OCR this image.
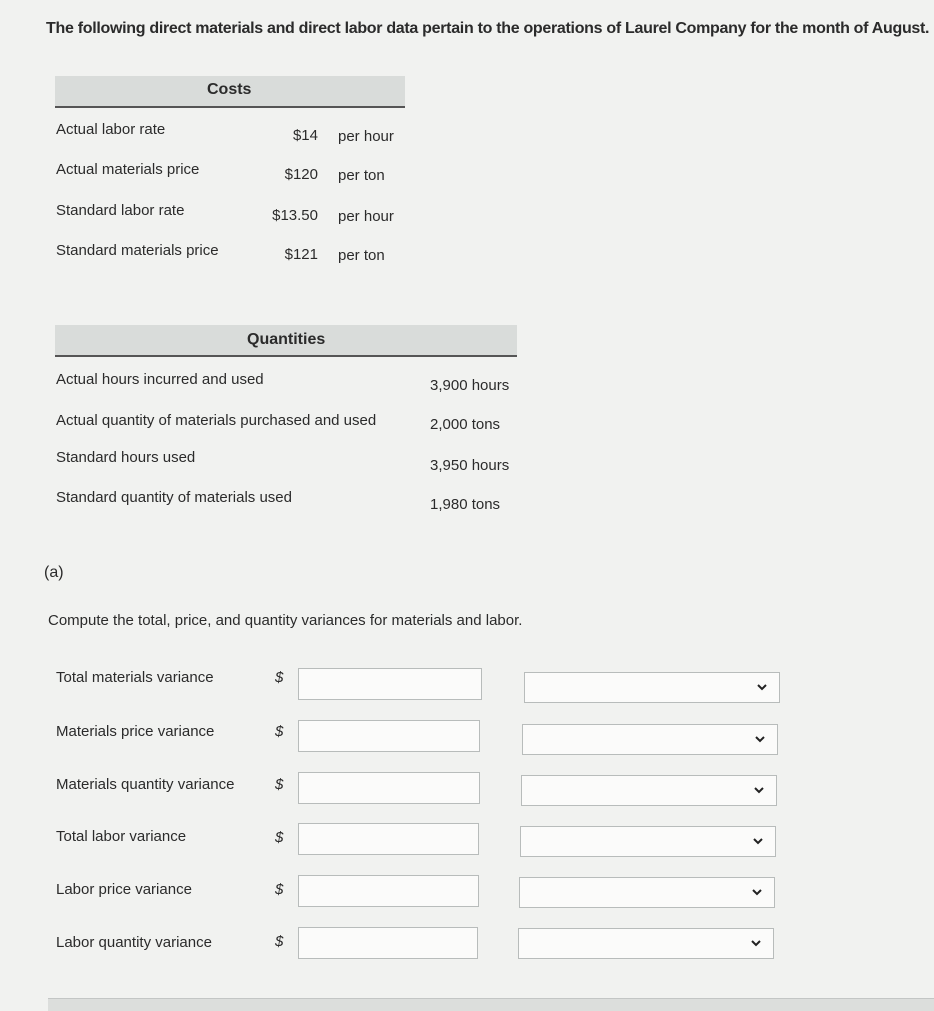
The following direct materials and direct labor data pertain to the operations of Laurel Company for the month of August.
Costs
Actual labor rate	$14 per hour
Actual materials price	$120 per ton
Standard labor rate	$13.50 per hour
Standard materials price	$121 per ton
Quantities
Actual hours incurred and used	3,900 hours
Actual quantity of materials purchased and used	2,000 tons
Standard hours used	3,950 hours
Standard quantity of materials used	1,980 tons
(a)
Compute the total, price, and quantity variances for materials and labor.
Total materials variance	$
Materials price variance	$
Materials quantity variance	$
Total labor variance	$
Labor price variance	$
Labor quantity variance	$
